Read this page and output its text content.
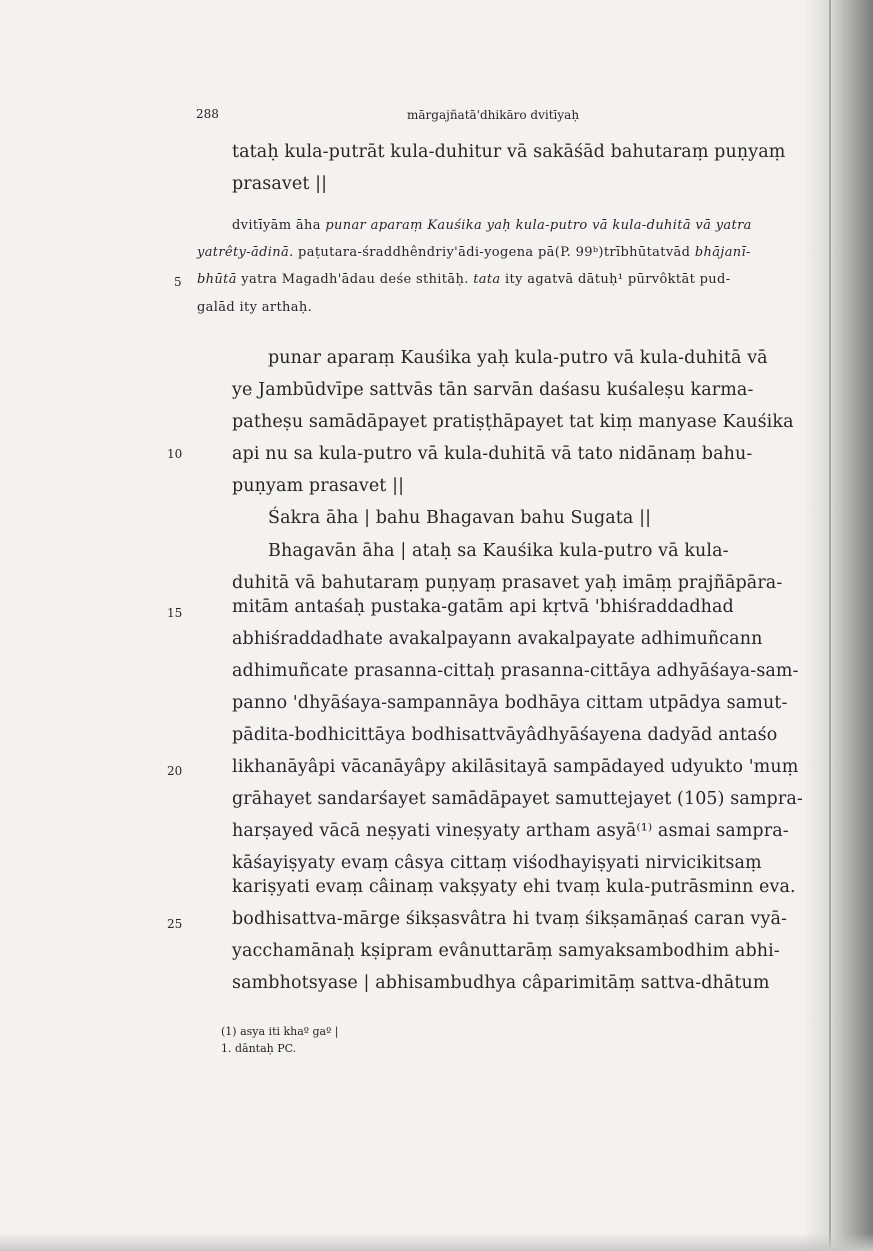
288	mārgajñatā'dhikāro dvitīyaḥ
tataḥ kula-putrāt kula-duhitur vā sakāśād bahutaraṃ puṇyaṃ
prasavet ||
dvitīyām āha punar aparaṃ Kauśika yaḥ kula-putro vā kula-duhitā vā yatra
yatrêty-ādinā. paṭutara-śraddhêndriy'ādi-yogena pā(P. 99ᵇ)trībhūtatvād bhājanī-
bhūtā yatra Magadh'ādau deśe sthitāḥ. tata ity agatvā dātuḥ¹ pūrvôktāt pud-
galād ity arthaḥ.
punar aparaṃ Kauśika yaḥ kula-putro vā kula-duhitā vā
ye Jambūdvīpe sattvās tān sarvān daśasu kuśaleṣu karma-
patheṣu samādāpayet pratiṣṭhāpayet tat kiṃ manyase Kauśika
api nu sa kula-putro vā kula-duhitā vā tato nidānaṃ bahu-
puṇyam prasavet ||
Śakra āha | bahu Bhagavan bahu Sugata ||
Bhagavān āha | ataḥ sa Kauśika kula-putro vā kula-
duhitā vā bahutaraṃ puṇyaṃ prasavet yaḥ imāṃ prajñāpāra-
mitām antaśaḥ pustaka-gatām api kṛtvā 'bhiśraddadhad
abhiśraddadhate avakalpayann avakalpayate adhimuñcann
adhimuñcate prasanna-cittaḥ prasanna-cittāya adhyāśaya-sam-
panno 'dhyāśaya-sampannāya bodhāya cittam utpādya samut-
pādita-bodhicittāya bodhisattvāyâdhyāśayena dadyād antaśo
likhanāyâpi vācanāyâpy akilāsitayā sampādayed udyukto 'muṃ
grāhayet sandarśayet samādāpayet samuttejayet (105) sampra-
harṣayed vācā neṣyati vineṣyaty artham asyā⁽¹⁾ asmai sampra-
kāśayiṣyaty evaṃ câsya cittaṃ viśodhayiṣyati nirvicikitsaṃ
kariṣyati evaṃ câinaṃ vakṣyaty ehi tvaṃ kula-putrāsminn eva.
bodhisattva-mārge śikṣasvâtra hi tvaṃ śikṣamāṇaś caran vyā-
yacchamānaḥ kṣipram evânuttarāṃ samyaksambodhim abhi-
sambhotsyase | abhisambudhya câparimitāṃ sattva-dhātum
5
10
15
20
25
(1) asya iti khaº gaº |
1. dāntaḥ PC.
